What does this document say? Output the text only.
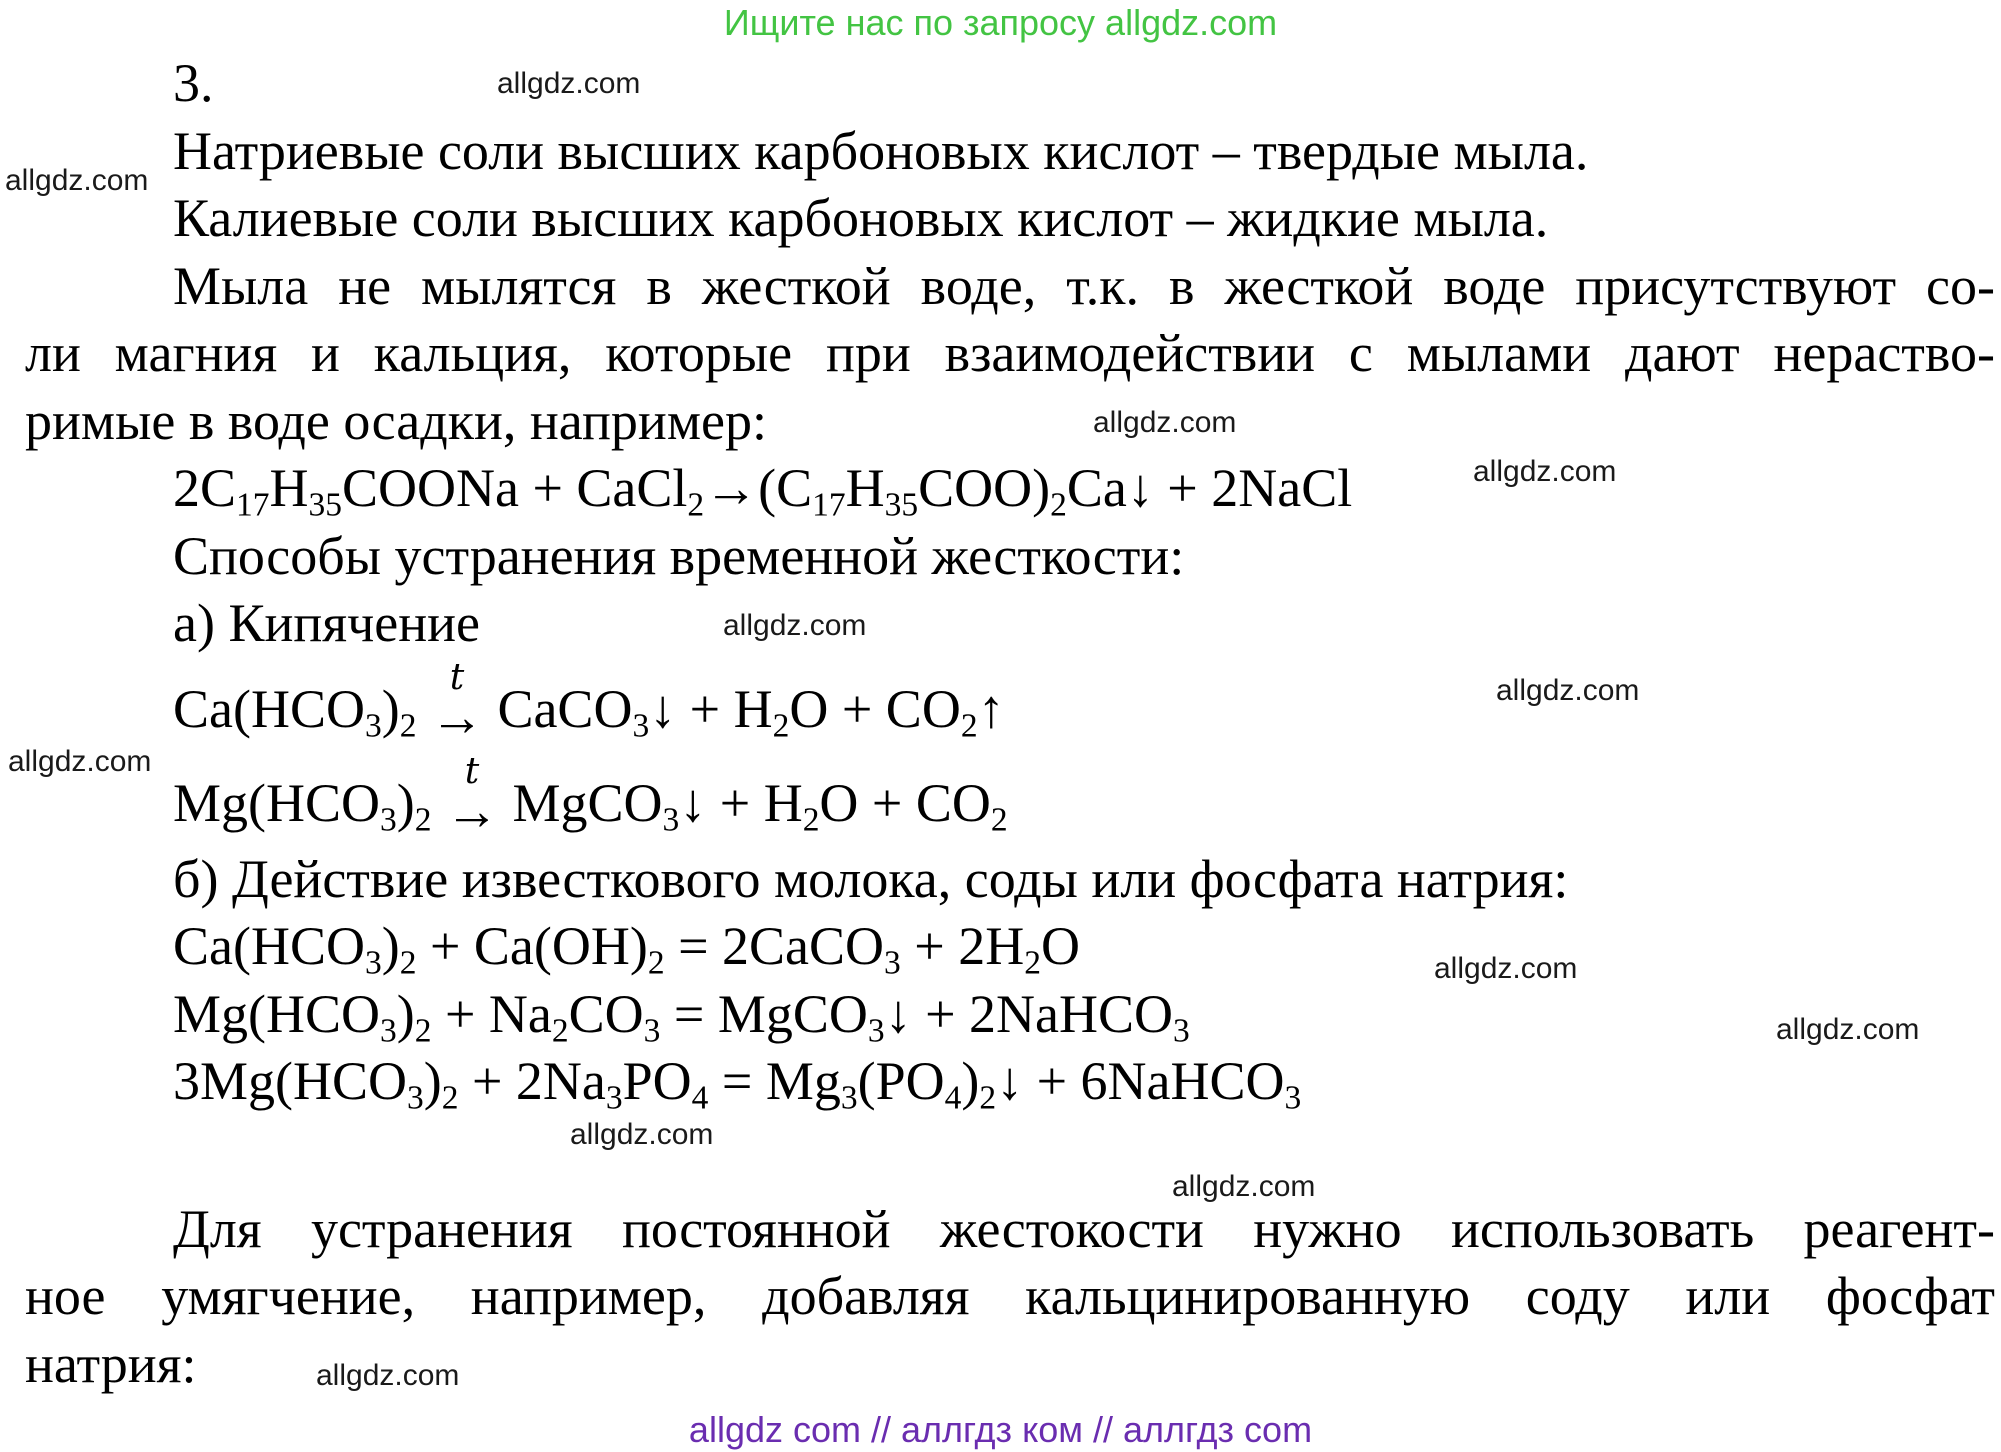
Ищите нас по запросу allgdz.com
3.
Натриевые соли высших карбоновых кислот – твердые мыла.
Калиевые соли высших карбоновых кислот – жидкие мыла.
Мыла не мылятся в жесткой воде, т.к. в жесткой воде присутствуют со-
ли магния и кальция, которые при взаимодействии с мылами дают нераство-
римые в воде осадки, например:
$2C_{17}H_{35}COONa$ + $CaCl_2\to(C_{17}H_{35}COO)_2Ca↓$ + 2NaCl
Способы устранения временной жесткости:
а) Кипячение
$Ca(HCO_3)_2$
t
→ CaCO$_3$↓ + $H_2O$ + $CO_2↑$
$Mg(HCO_3)_2$
t
→ MgCO$_3$↓ + $H_2O + CO_2$
б) Действие известкового молока, соды или фосфата натрия:
$Ca(HCO_3)_2 + Ca(OH)_2$ = 2CaCO$_3$ + $2H_2O$
$Mg(HCO_3)_2 + Na_2CO_3$ = MgCO$_3$↓ + 2NaHCO$_3$
$3Mg(HCO_3)_2 + 2Na_3PO_4$ = $Mg_3(PO_4)_2↓$ + 6NaHCO$_3$
Для устранения постоянной жестокости нужно использовать реагент-
ное умягчение, например, добавляя кальцинированную соду или фосфат
натрия:
allgdz.com
allgdz.com
allgdz.com
allgdz.com
allgdz.com
allgdz.com
allgdz.com
allgdz.com
allgdz.com
allgdz.com
allgdz.com
allgdz.com
allgdz com // аллгдз ком // аллгдз com
